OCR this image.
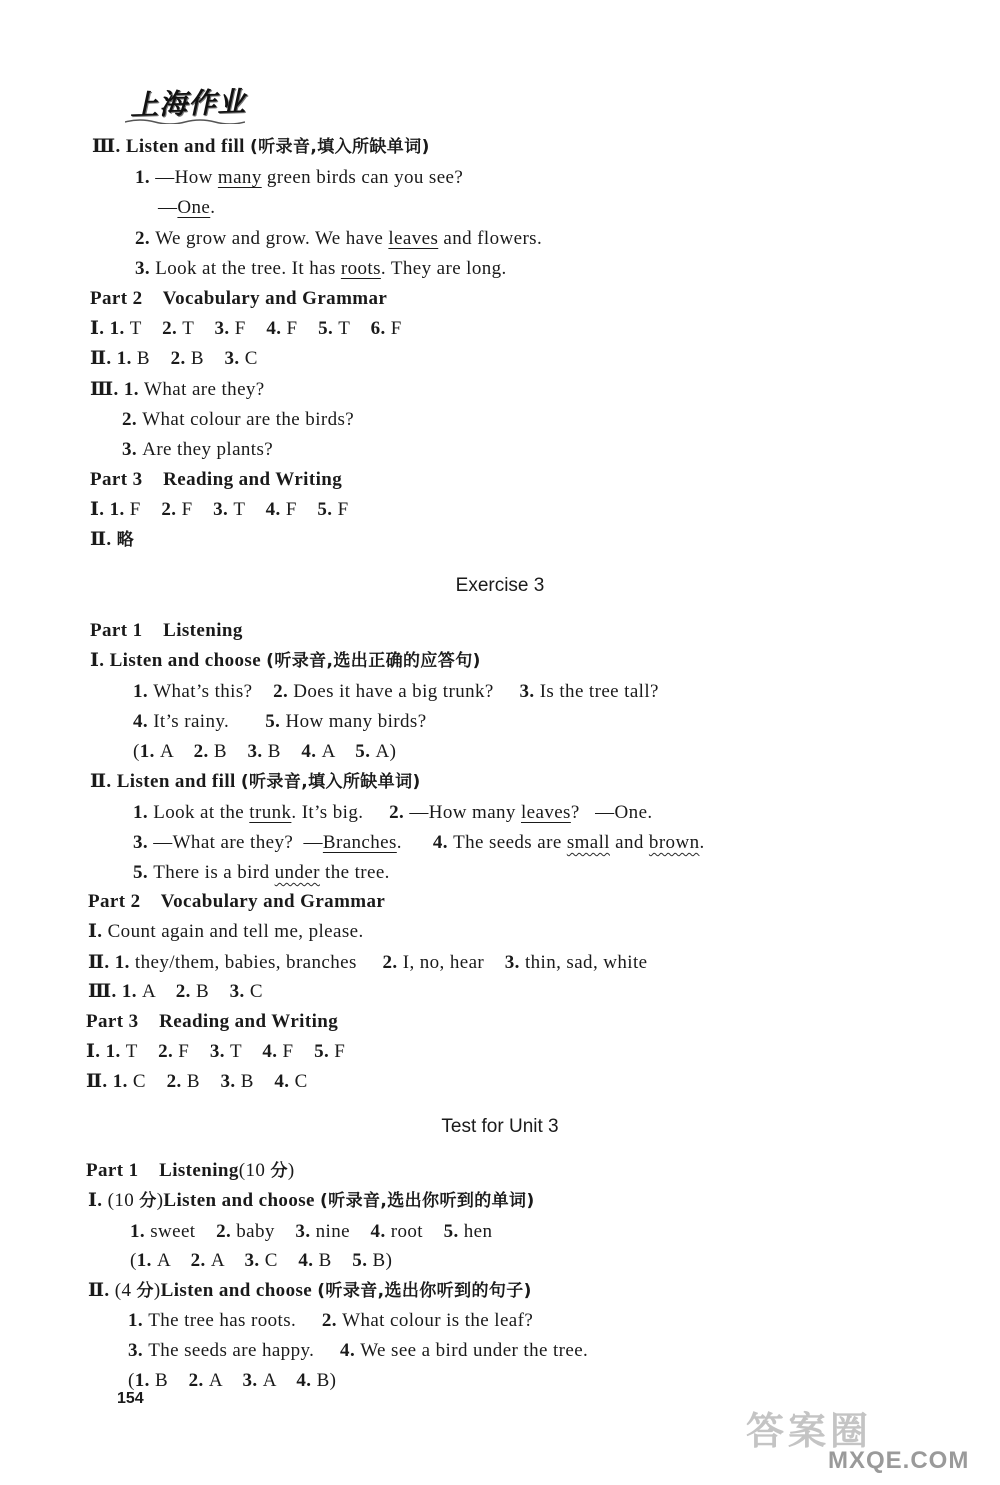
上海作业
Ⅲ. Listen and fill (听录音,填入所缺单词)
1. —How many green birds can you see?
—One.
2. We grow and grow. We have leaves and flowers.
3. Look at the tree. It has roots. They are long.
Part 2    Vocabulary and Grammar
Ⅰ. 1. T    2. T    3. F    4. F    5. T    6. F
Ⅱ. 1. B    2. B    3. C
Ⅲ. 1. What are they?
2. What colour are the birds?
3. Are they plants?
Part 3    Reading and Writing
Ⅰ. 1. F    2. F    3. T    4. F    5. F
Ⅱ. 略
Part 1    Listening
Ⅰ. Listen and choose (听录音,选出正确的应答句)
1. What’s this?    2. Does it have a big trunk?     3. Is the tree tall?
4. It’s rainy.       5. How many birds?
(1. A    2. B    3. B    4. A    5. A)
Ⅱ. Listen and fill (听录音,填入所缺单词)
1. Look at the trunk. It’s big.     2. —How many leaves?   —One.
3. —What are they?  —Branches.      4. The seeds are small and brown.
5. There is a bird under the tree.
Part 2    Vocabulary and Grammar
Ⅰ. Count again and tell me, please.
Ⅱ. 1. they/them, babies, branches     2. I, no, hear    3. thin, sad, white
Ⅲ. 1. A    2. B    3. C
Part 3    Reading and Writing
Ⅰ. 1. T    2. F    3. T    4. F    5. F
Ⅱ. 1. C    2. B    3. B    4. C
Part 1    Listening(10 分)
Ⅰ. (10 分)Listen and choose (听录音,选出你听到的单词)
1. sweet    2. baby    3. nine    4. root    5. hen
(1. A    2. A    3. C    4. B    5. B)
Ⅱ. (4 分)Listen and choose (听录音,选出你听到的句子)
1. The tree has roots.     2. What colour is the leaf?
3. The seeds are happy.     4. We see a bird under the tree.
(1. B    2. A    3. A    4. B)
Exercise 3
Test for Unit 3
154
答案圈
MXQE.COM
